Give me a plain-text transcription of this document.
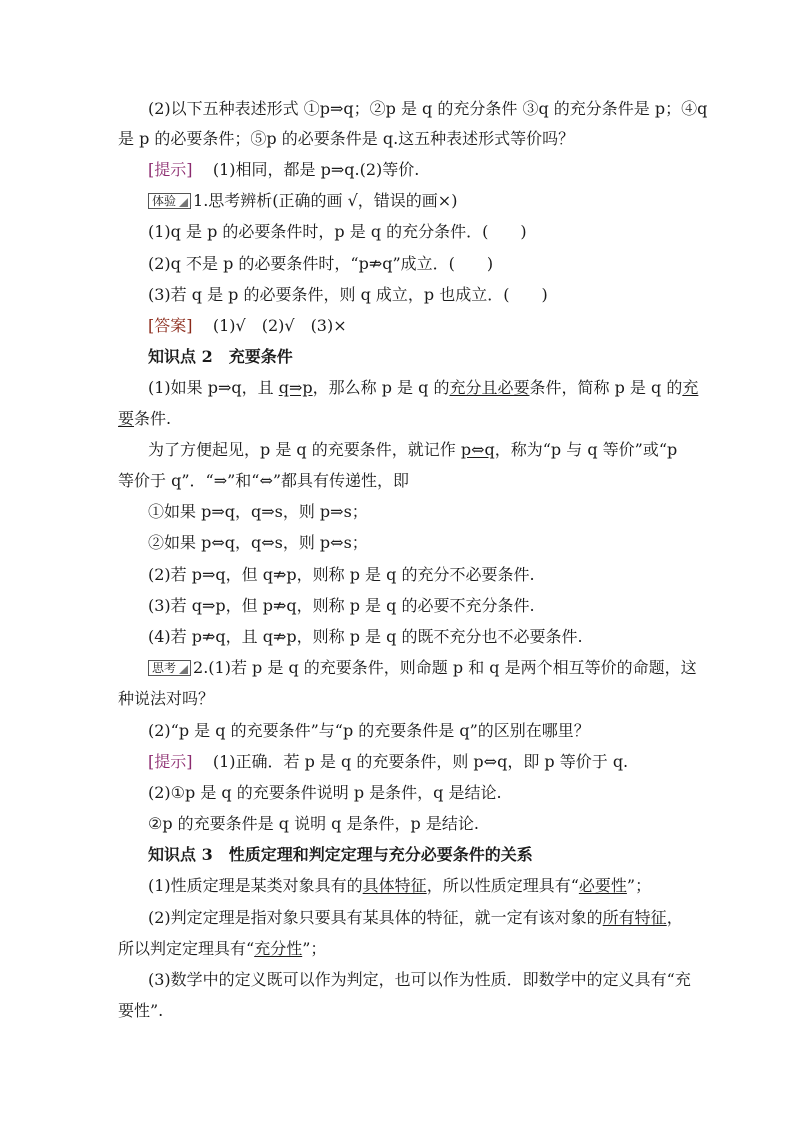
(2)以下五种表述形式 ①p⇒q；②p 是 q 的充分条件 ③q 的充分条件是 p；④q
是 p 的必要条件；⑤p 的必要条件是 q.这五种表述形式等价吗？
[提示] (1)相同，都是 p⇒q.(2)等价.
体验 1.思考辨析(正确的画 √，错误的画×)
(1)q 是 p 的必要条件时，p 是 q 的充分条件．(　　)
(2)q 不是 p 的必要条件时，“p⇏q”成立．(　　)
(3)若 q 是 p 的必要条件，则 q 成立，p 也成立．(　　)
[答案] (1)√　(2)√　(3)×
知识点 2　充要条件
(1)如果 p⇒q，且 q⇒p，那么称 p 是 q 的充分且必要条件，简称 p 是 q 的充
要条件.
为了方便起见，p 是 q 的充要条件，就记作 p⇔q，称为“p 与 q 等价”或“p
等价于 q”．“⇒”和“⇔”都具有传递性，即
①如果 p⇒q，q⇒s，则 p⇒s；
②如果 p⇔q，q⇔s，则 p⇔s；
(2)若 p⇒q，但 q⇏p，则称 p 是 q 的充分不必要条件.
(3)若 q⇒p，但 p⇏q，则称 p 是 q 的必要不充分条件.
(4)若 p⇏q，且 q⇏p，则称 p 是 q 的既不充分也不必要条件.
思考 2.(1)若 p 是 q 的充要条件，则命题 p 和 q 是两个相互等价的命题，这
种说法对吗？
(2)“p 是 q 的充要条件”与“p 的充要条件是 q”的区别在哪里？
[提示] (1)正确．若 p 是 q 的充要条件，则 p⇔q，即 p 等价于 q.
(2)①p 是 q 的充要条件说明 p 是条件，q 是结论.
②p 的充要条件是 q 说明 q 是条件，p 是结论.
知识点 3　性质定理和判定定理与充分必要条件的关系
(1)性质定理是某类对象具有的具体特征，所以性质定理具有“必要性”；
(2)判定定理是指对象只要具有某具体的特征，就一定有该对象的所有特征，
所以判定定理具有“充分性”；
(3)数学中的定义既可以作为判定，也可以作为性质．即数学中的定义具有“充
要性”.
